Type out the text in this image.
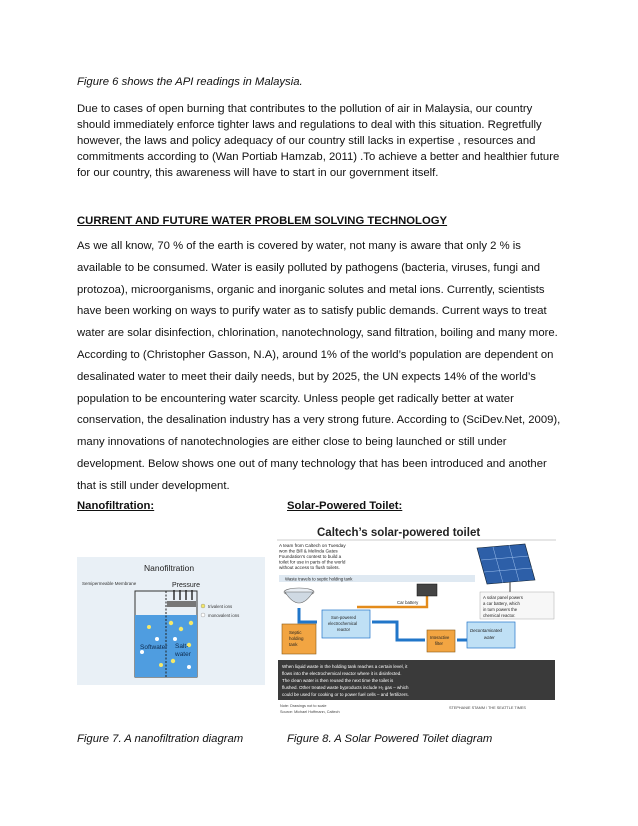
Figure 6 shows the API readings in Malaysia.

Due to cases of open burning that contributes to the pollution of air in Malaysia, our country should immediately enforce tighter laws and regulations to deal with this situation. Regretfully however, the laws and policy adequacy of our country still lacks in expertise , resources and commitments according to (Wan Portiab Hamzab, 2011) .To achieve a better and healthier future for our country, this awareness will have to start in our government itself.

CURRENT AND FUTURE WATER PROBLEM SOLVING TECHNOLOGY

As we all know, 70 % of the earth is covered by water, not many is aware that only 2 % is available to be consumed. Water is easily polluted by pathogens (bacteria, viruses, fungi and protozoa), microorganisms, organic and inorganic solutes and metal ions. Currently, scientists have been working on ways to purify water as to satisfy public demands. Current ways to treat water are solar disinfection, chlorination, nanotechnology, sand filtration, boiling and many more. According to (Christopher Gasson, N.A), around 1% of the world’s population are dependent on desalinated water to meet their daily needs, but by 2025, the UN expects 14% of the world’s population to be encountering water scarcity. Unless people get radically better at water conservation, the desalination industry has a very strong future. According to (SciDev.Net, 2009), many innovations of nanotechnologies are either close to being launched or still under development. Below shows one out of many technology that has been introduced and another that is still under development.

Nanofiltration:	Solar-Powered Toilet:
Nanofiltration
Semipermeable Membrane	Pressure
Softwater Salt-
water
trivalent ions
monovalent ions
Caltech’s solar-powered toilet
A team from Caltech on Tuesday
won the Bill & Melinda Gates
Foundation’s contest to build a
toilet for use in parts of the world
without access to flush toilets.
Waste travels to septic holding tank
Septic
holding
tank
Sun-powered
electrochemical
reactor
Car battery
Interactive
filter
Decontaminated
water
A solar panel powers
a car battery, which
in turn powers the
chemical reactor.
When liquid waste in the holding tank reaches a certain level, it
flows into the electrochemical reactor where it is disinfected.
The clean water is then reused the next time the toilet is
flushed. Other treated waste byproducts include H₂ gas – which
could be used for cooking or to power fuel cells – and fertilizers.
Note: Drawings not to scale
Source: Michael Hoffmann, Caltech
STEPHANIE STAMM / THE SEATTLE TIMES
Figure 7. A nanofiltration diagram	Figure 8. A Solar Powered Toilet diagram
